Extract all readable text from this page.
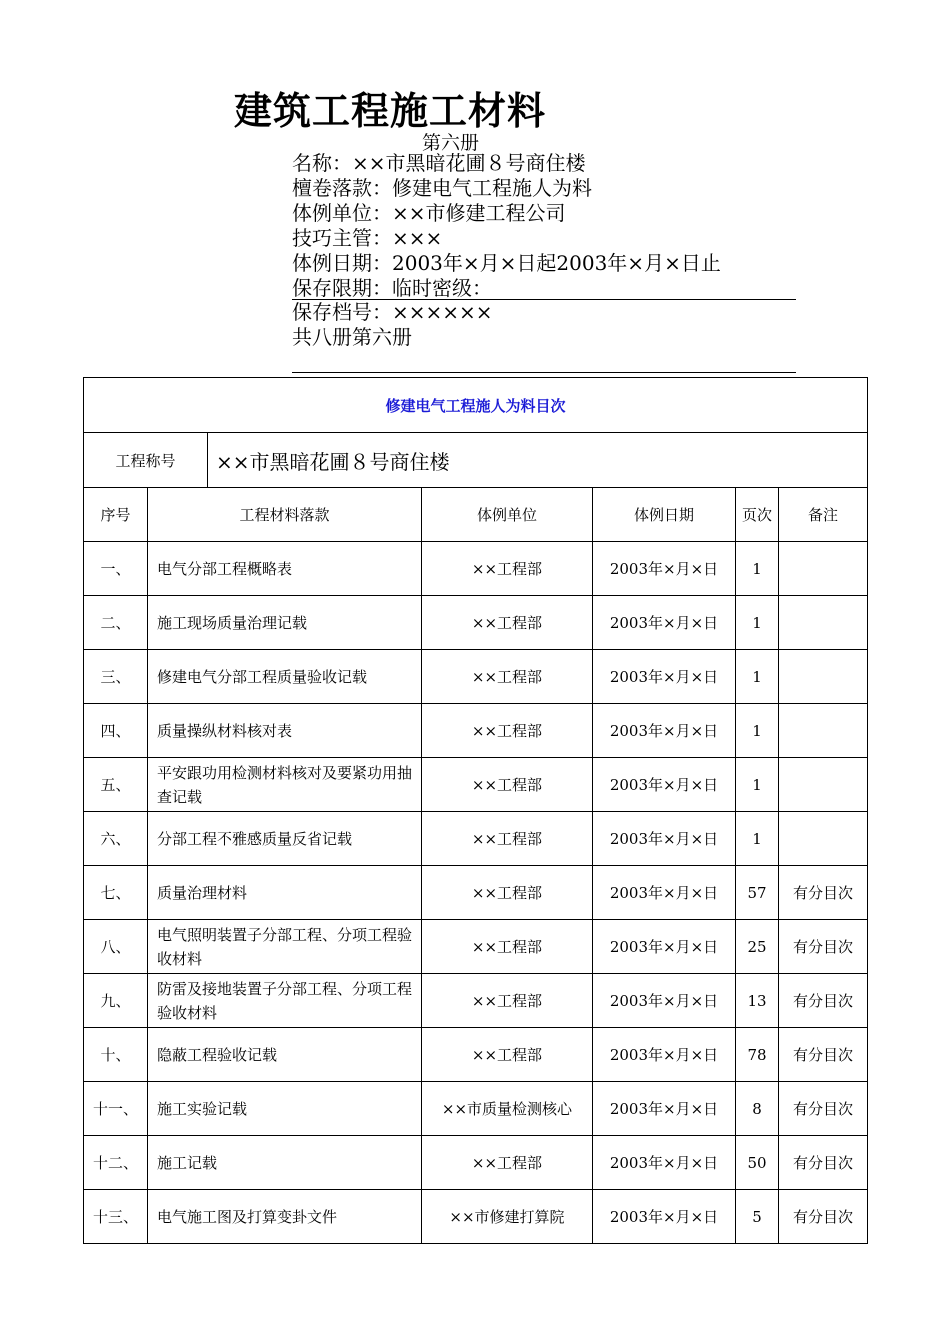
建筑工程施工材料
第六册
名称：××市黑暗花圃８号商住楼
檀卷落款：修建电气工程施人为料
体例单位：××市修建工程公司
技巧主管：×××
体例日期：2003年×月×日起2003年×月×日止
保存限期：临时密级：
保存档号：××××××
共八册第六册
修建电气工程施人为料目次						
工程称号		××市黑暗花圃８号商住楼				
序号	工程材料落款		体例单位	体例日期	页次	备注
一、	电气分部工程概略表		××工程部	2003年×月×日	1	
二、	施工现场质量治理记载		××工程部	2003年×月×日	1	
三、	修建电气分部工程质量验收记载		××工程部	2003年×月×日	1	
四、	质量操纵材料核对表		××工程部	2003年×月×日	1	
五、	平安跟功用检测材料核对及要紧功用抽查记载		××工程部	2003年×月×日	1	
六、	分部工程不雅感质量反省记载		××工程部	2003年×月×日	1	
七、	质量治理材料		××工程部	2003年×月×日	57	有分目次
八、	电气照明装置子分部工程、分项工程验收材料		××工程部	2003年×月×日	25	有分目次
九、	防雷及接地装置子分部工程、分项工程验收材料		××工程部	2003年×月×日	13	有分目次
十、	隐蔽工程验收记载		××工程部	2003年×月×日	78	有分目次
十一、	施工实验记载		××市质量检测核心	2003年×月×日	8	有分目次
十二、	施工记载		××工程部	2003年×月×日	50	有分目次
十三、	电气施工图及打算变卦文件		××市修建打算院	2003年×月×日	5	有分目次
